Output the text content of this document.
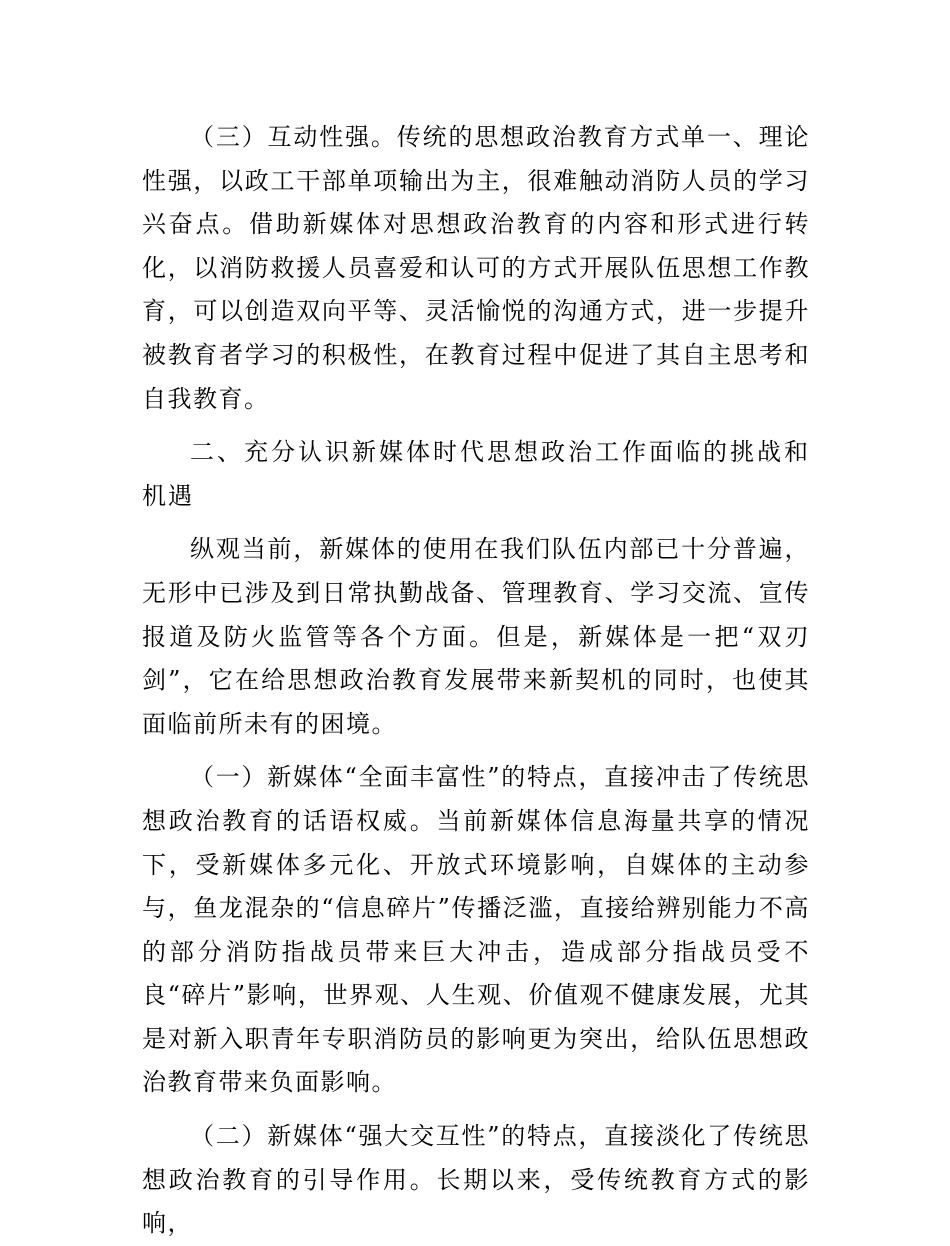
（三）互动性强。传统的思想政治教育方式单一、理论性强，以政工干部单项输出为主，很难触动消防人员的学习兴奋点。借助新媒体对思想政治教育的内容和形式进行转化，以消防救援人员喜爱和认可的方式开展队伍思想工作教育，可以创造双向平等、灵活愉悦的沟通方式，进一步提升被教育者学习的积极性，在教育过程中促进了其自主思考和自我教育。

二、充分认识新媒体时代思想政治工作面临的挑战和机遇

纵观当前，新媒体的使用在我们队伍内部已十分普遍，无形中已涉及到日常执勤战备、管理教育、学习交流、宣传报道及防火监管等各个方面。但是，新媒体是一把“双刃剑”，它在给思想政治教育发展带来新契机的同时，也使其面临前所未有的困境。

（一）新媒体“全面丰富性”的特点，直接冲击了传统思想政治教育的话语权威。当前新媒体信息海量共享的情况下，受新媒体多元化、开放式环境影响，自媒体的主动参与，鱼龙混杂的“信息碎片”传播泛滥，直接给辨别能力不高的部分消防指战员带来巨大冲击，造成部分指战员受不良“碎片”影响，世界观、人生观、价值观不健康发展，尤其是对新入职青年专职消防员的影响更为突出，给队伍思想政治教育带来负面影响。

（二）新媒体“强大交互性”的特点，直接淡化了传统思想政治教育的引导作用。长期以来，受传统教育方式的影响，
